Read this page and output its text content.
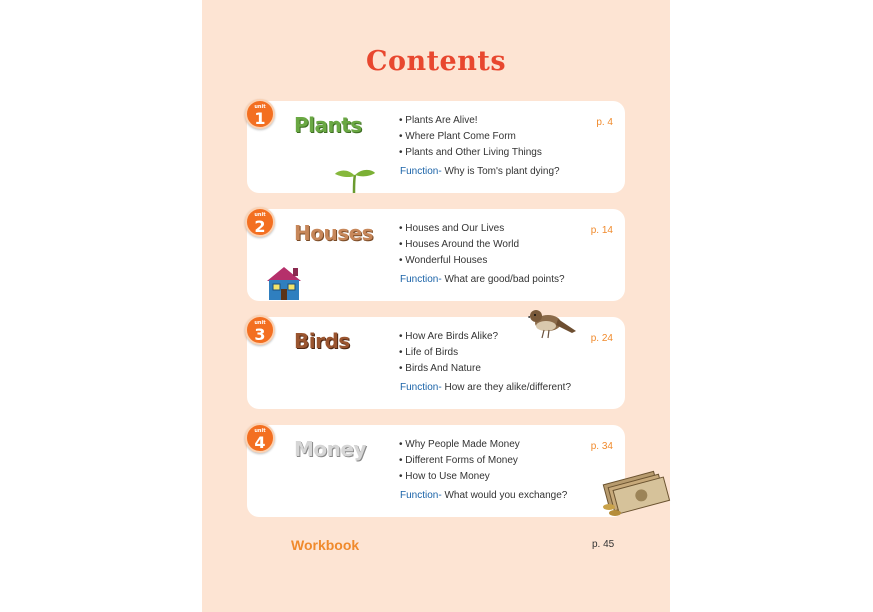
Contents
unit
1	Plants	• Plants Are Alive!
• Where Plant Come Form
• Plants and Other Living Things
Function- Why is Tom's plant dying?
p. 4
unit
2	Houses	• Houses and Our Lives
• Houses Around the World
• Wonderful Houses
Function- What are good/bad points?
p. 14
unit
3	Birds	• How Are Birds Alike?
• Life of Birds
• Birds And Nature
Function- How are they alike/different?
p. 24
unit
4	Money	• Why People Made Money
• Different Forms of Money
• How to Use Money
Function- What would you exchange?
p. 34
Workbook	p. 45
